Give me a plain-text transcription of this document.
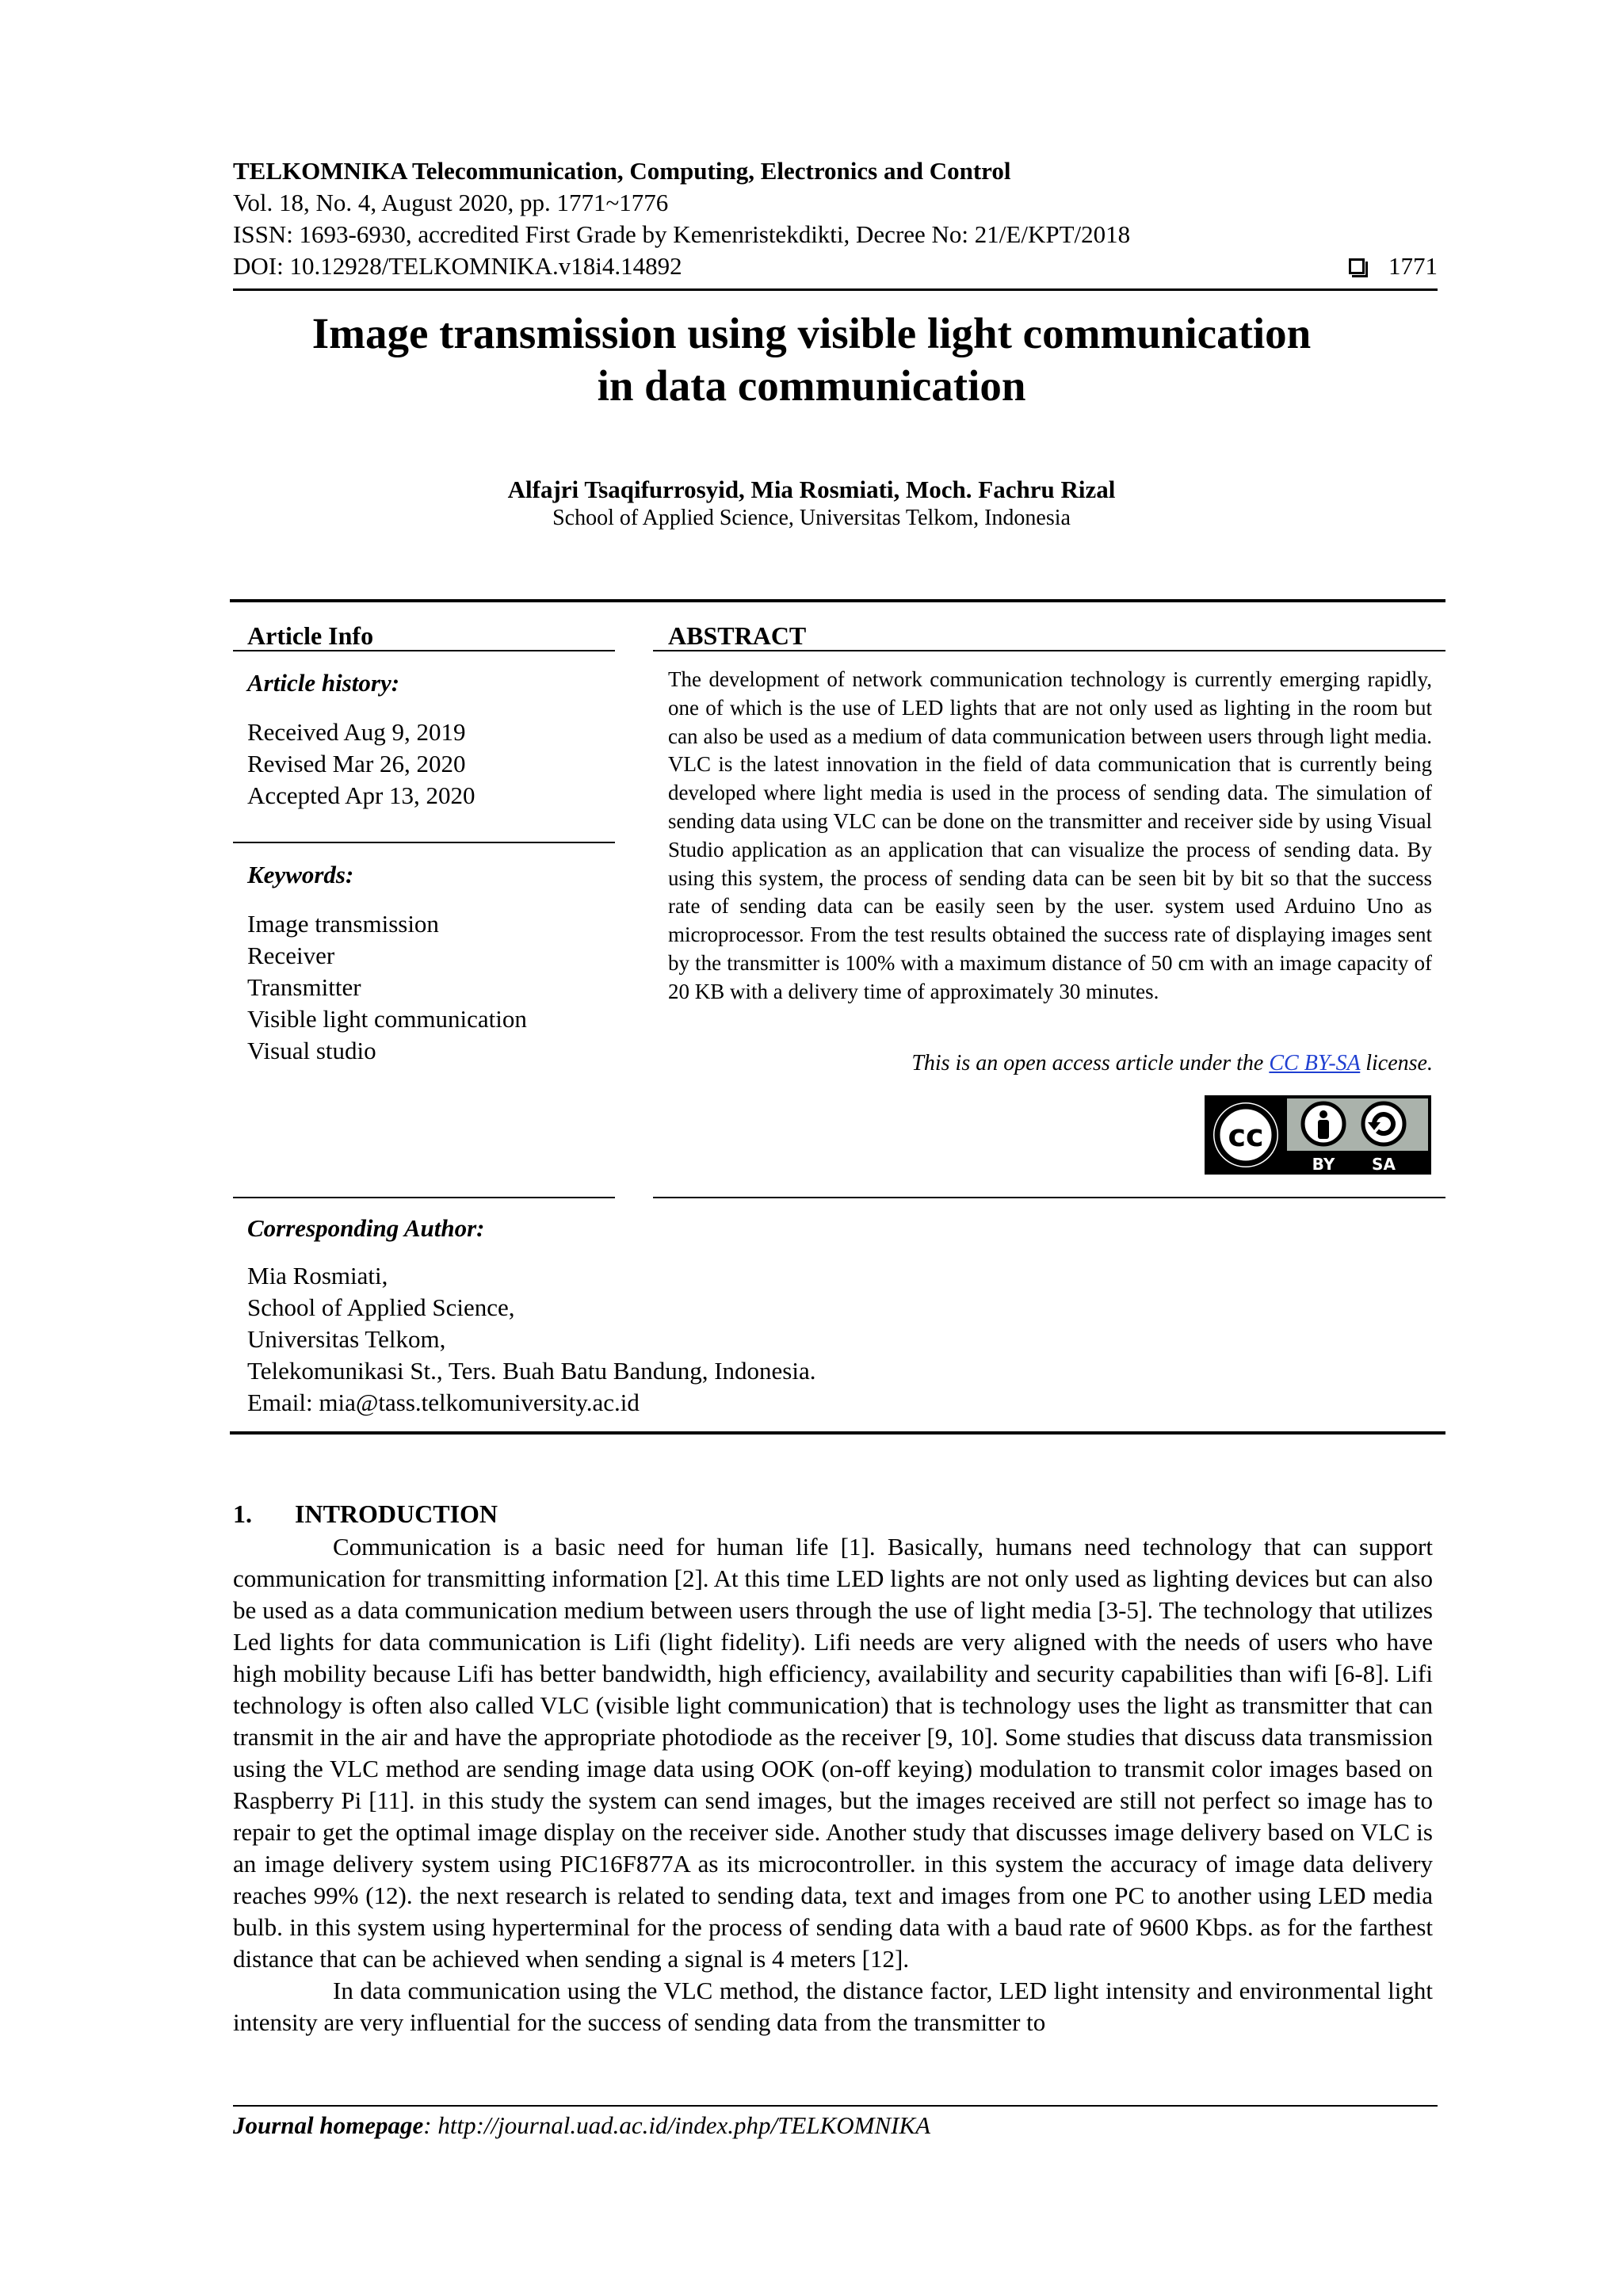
TELKOMNIKA Telecommunication, Computing, Electronics and Control
Vol. 18, No. 4, August 2020, pp. 1771~1776
ISSN: 1693-6930, accredited First Grade by Kemenristekdikti, Decree No: 21/E/KPT/2018
DOI: 10.12928/TELKOMNIKA.v18i4.14892	1771
Image transmission using visible light communication
in data communication
Alfajri Tsaqifurrosyid, Mia Rosmiati, Moch. Fachru Rizal
School of Applied Science, Universitas Telkom, Indonesia
Article Info
Article history:
Received Aug 9, 2019
Revised Mar 26, 2020
Accepted Apr 13, 2020
Keywords:
Image transmission
Receiver
Transmitter
Visible light communication
Visual studio
ABSTRACT

The development of network communication technology is currently emerging rapidly, one of which is the use of LED lights that are not only used as lighting in the room but can also be used as a medium of data communication between users through light media. VLC is the latest innovation in the field of data communication that is currently being developed where light media is used in the process of sending data. The simulation of sending data using VLC can be done on the transmitter and receiver side by using Visual Studio application as an application that can visualize the process of sending data. By using this system, the process of sending data can be seen bit by bit so that the success rate of sending data can be easily seen by the user. system used Arduino Uno as microprocessor. From the test results obtained the success rate of displaying images sent by the transmitter is 100% with a maximum distance of 50 cm with an image capacity of 20 KB with a delivery time of approximately 30 minutes.

This is an open access article under the CC BY-SA license.
cc
BY SA
Corresponding Author:
Mia Rosmiati,
School of Applied Science,
Universitas Telkom,
Telekomunikasi St., Ters. Buah Batu Bandung, Indonesia.
Email: mia@tass.telkomuniversity.ac.id
1. INTRODUCTION

Communication is a basic need for human life [1]. Basically, humans need technology that can support communication for transmitting information [2]. At this time LED lights are not only used as lighting devices but can also be used as a data communication medium between users through the use of light media [3-5]. The technology that utilizes Led lights for data communication is Lifi (light fidelity). Lifi needs are very aligned with the needs of users who have high mobility because Lifi has better bandwidth, high efficiency, availability and security capabilities than wifi [6-8]. Lifi technology is often also called VLC (visible light communication) that is technology uses the light as transmitter that can transmit in the air and have the appropriate photodiode as the receiver [9, 10]. Some studies that discuss data transmission using the VLC method are sending image data using OOK (on-off keying) modulation to transmit color images based on Raspberry Pi [11]. in this study the system can send images, but the images received are still not perfect so image has to repair to get the optimal image display on the receiver side. Another study that discusses image delivery based on VLC is an image delivery system using PIC16F877A as its microcontroller. in this system the accuracy of image data delivery reaches 99% (12). the next research is related to sending data, text and images from one PC to another using LED media bulb. in this system using hyperterminal for the process of sending data with a baud rate of 9600 Kbps. as for the farthest distance that can be achieved when sending a signal is 4 meters [12].

In data communication using the VLC method, the distance factor, LED light intensity and environmental light intensity are very influential for the success of sending data from the transmitter to

Journal homepage: http://journal.uad.ac.id/index.php/TELKOMNIKA
